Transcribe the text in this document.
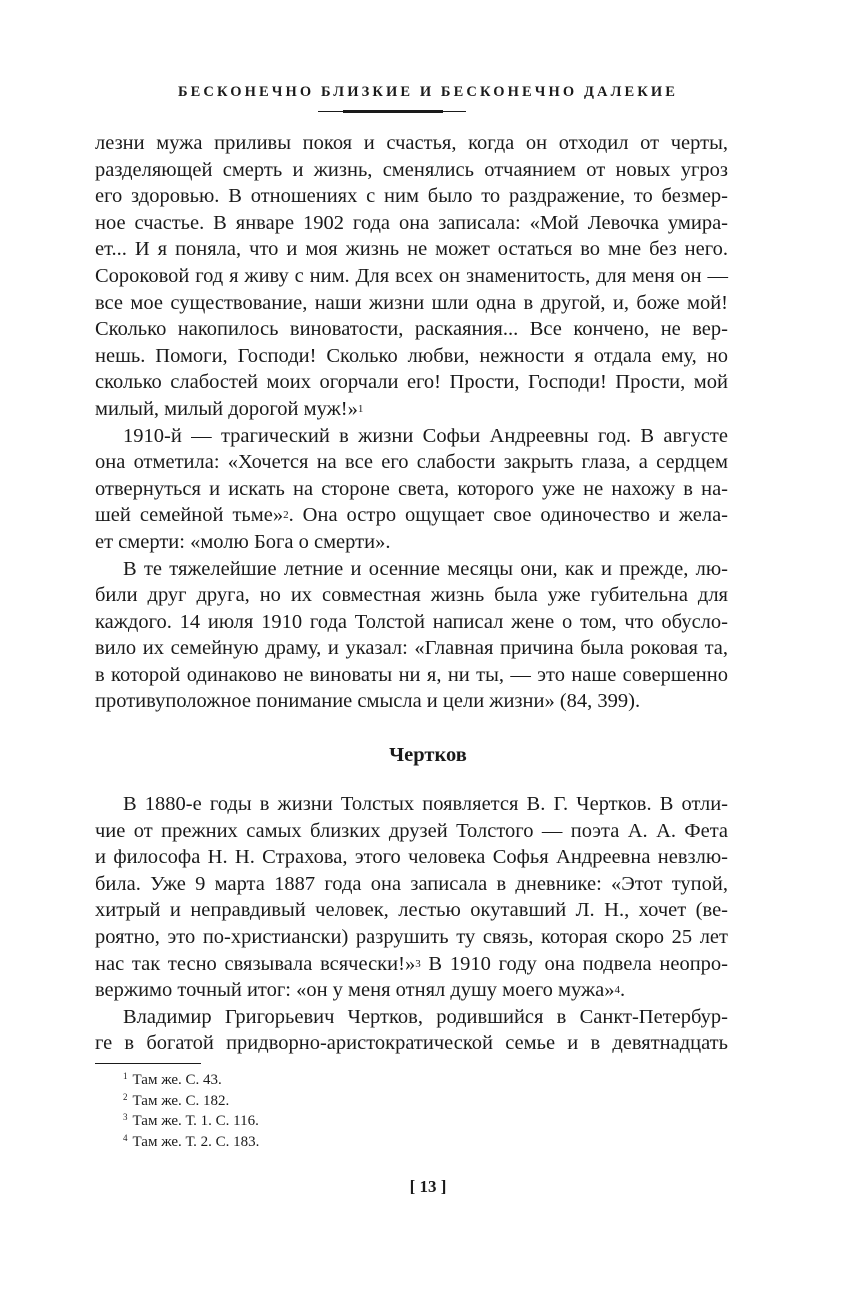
БЕСКОНЕЧНО БЛИЗКИЕ И БЕСКОНЕЧНО ДАЛЕКИЕ
лезни мужа приливы покоя и счастья, когда он отходил от черты,
разделяющей смерть и жизнь, сменялись отчаянием от новых угроз
его здоровью. В отношениях с ним было то раздражение, то безмер-
ное счастье. В январе 1902 года она записала: «Мой Левочка умира-
ет... И я поняла, что и моя жизнь не может остаться во мне без него.
Сороковой год я живу с ним. Для всех он знаменитость, для меня он —
все мое существование, наши жизни шли одна в другой, и, боже мой!
Сколько накопилось виноватости, раскаяния... Все кончено, не вер-
нешь. Помоги, Господи! Сколько любви, нежности я отдала ему, но
сколько слабостей моих огорчали его! Прости, Господи! Прости, мой
милый, милый дорогой муж!»$^1$
1910-й — трагический в жизни Софьи Андреевны год. В августе
она отметила: «Хочется на все его слабости закрыть глаза, а сердцем
отвернуться и искать на стороне света, которого уже не нахожу в на-
шей семейной тьме»$^2$. Она остро ощущает свое одиночество и жела-
ет смерти: «молю Бога о смерти».
В те тяжелейшие летние и осенние месяцы они, как и прежде, лю-
били друг друга, но их совместная жизнь была уже губительна для
каждого. 14 июля 1910 года Толстой написал жене о том, что обусло-
вило их семейную драму, и указал: «Главная причина была роковая та,
в которой одинаково не виноваты ни я, ни ты, — это наше совершенно
противуположное понимание смысла и цели жизни» (84, 399).
Чертков
В 1880-е годы в жизни Толстых появляется В. Г. Чертков. В отли-
чие от прежних самых близких друзей Толстого — поэта А. А. Фета
и философа Н. Н. Страхова, этого человека Софья Андреевна невзлю-
била. Уже 9 марта 1887 года она записала в дневнике: «Этот тупой,
хитрый и неправдивый человек, лестью окутавший Л. Н., хочет (ве-
роятно, это по-христиански) разрушить ту связь, которая скоро 25 лет
нас так тесно связывала всячески!»$^3$ В 1910 году она подвела неопро-
вержимо точный итог: «он у меня отнял душу моего мужа»$^4$.
Владимир Григорьевич Чертков, родившийся в Санкт-Петербур-
ге в богатой придворно-аристократической семье и в девятнадцать
$^1$ Там же. С. 43.
$^2$ Там же. С. 182.
$^3$ Там же. Т. 1. С. 116.
$^4$ Там же. Т. 2. С. 183.
[ 13 ]
